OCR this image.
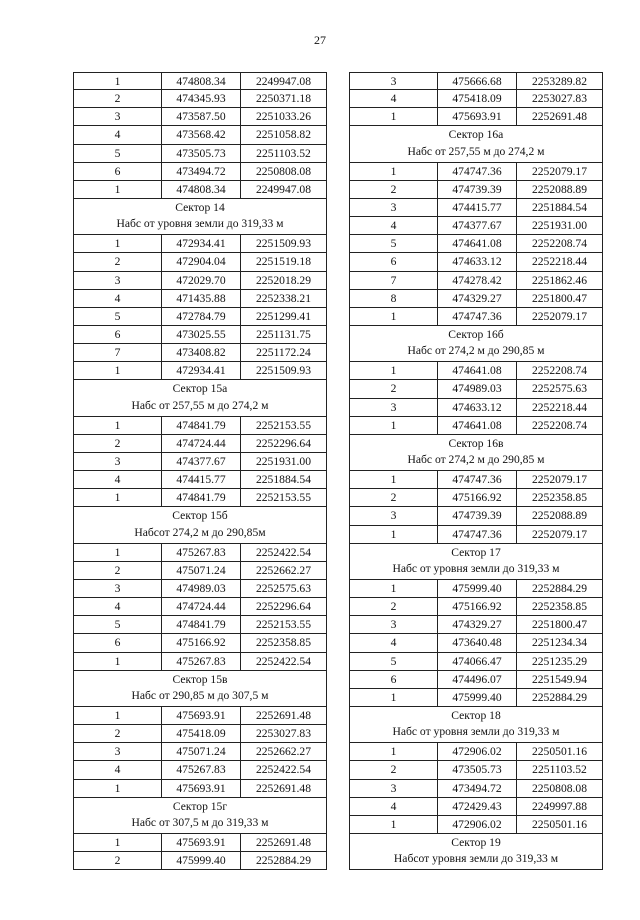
27
1	474808.34	2249947.08
2	474345.93	2250371.18
3	473587.50	2251033.26
4	473568.42	2251058.82
5	473505.73	2251103.52
6	473494.72	2250808.08
1	474808.34	2249947.08
Сектор 14
Набс от уровня земли до 319,33 м
1	472934.41	2251509.93
2	472904.04	2251519.18
3	472029.70	2252018.29
4	471435.88	2252338.21
5	472784.79	2251299.41
6	473025.55	2251131.75
7	473408.82	2251172.24
1	472934.41	2251509.93
Сектор 15а
Набс от 257,55 м до 274,2 м
1	474841.79	2252153.55
2	474724.44	2252296.64
3	474377.67	2251931.00
4	474415.77	2251884.54
1	474841.79	2252153.55
Сектор 15б
Набсот 274,2 м до 290,85м
1	475267.83	2252422.54
2	475071.24	2252662.27
3	474989.03	2252575.63
4	474724.44	2252296.64
5	474841.79	2252153.55
6	475166.92	2252358.85
1	475267.83	2252422.54
Сектор 15в
Набс от 290,85 м до 307,5 м
1	475693.91	2252691.48
2	475418.09	2253027.83
3	475071.24	2252662.27
4	475267.83	2252422.54
1	475693.91	2252691.48
Сектор 15г
Набс от 307,5 м до 319,33 м
1	475693.91	2252691.48
2	475999.40	2252884.29
3	475666.68	2253289.82
4	475418.09	2253027.83
1	475693.91	2252691.48
Сектор 16а
Набс от 257,55 м до 274,2 м
1	474747.36	2252079.17
2	474739.39	2252088.89
3	474415.77	2251884.54
4	474377.67	2251931.00
5	474641.08	2252208.74
6	474633.12	2252218.44
7	474278.42	2251862.46
8	474329.27	2251800.47
1	474747.36	2252079.17
Сектор 16б
Набс от 274,2 м до 290,85 м
1	474641.08	2252208.74
2	474989.03	2252575.63
3	474633.12	2252218.44
1	474641.08	2252208.74
Сектор 16в
Набс от 274,2 м до 290,85 м
1	474747.36	2252079.17
2	475166.92	2252358.85
3	474739.39	2252088.89
1	474747.36	2252079.17
Сектор 17
Набс от уровня земли до 319,33 м
1	475999.40	2252884.29
2	475166.92	2252358.85
3	474329.27	2251800.47
4	473640.48	2251234.34
5	474066.47	2251235.29
6	474496.07	2251549.94
1	475999.40	2252884.29
Сектор 18
Набс от уровня земли до 319,33 м
1	472906.02	2250501.16
2	473505.73	2251103.52
3	473494.72	2250808.08
4	472429.43	2249997.88
1	472906.02	2250501.16
Сектор 19
Набсот уровня земли до 319,33 м
